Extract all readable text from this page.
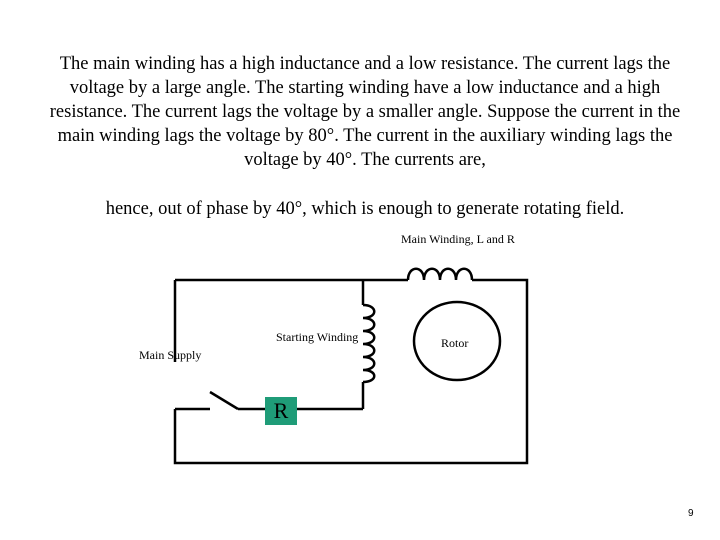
The main winding has a high inductance and a low resistance. The current lags the voltage by a large angle. The starting winding have a low inductance and a high resistance. The current lags the voltage by a smaller angle. Suppose the current in the main winding lags the voltage by 80°. The current in the auxiliary winding lags the voltage by 40°. The currents are,

hence, out of phase by 40°, which is enough to generate rotating field.

Main Winding, L and R
Starting Winding
Main Supply
Rotor
R
9
